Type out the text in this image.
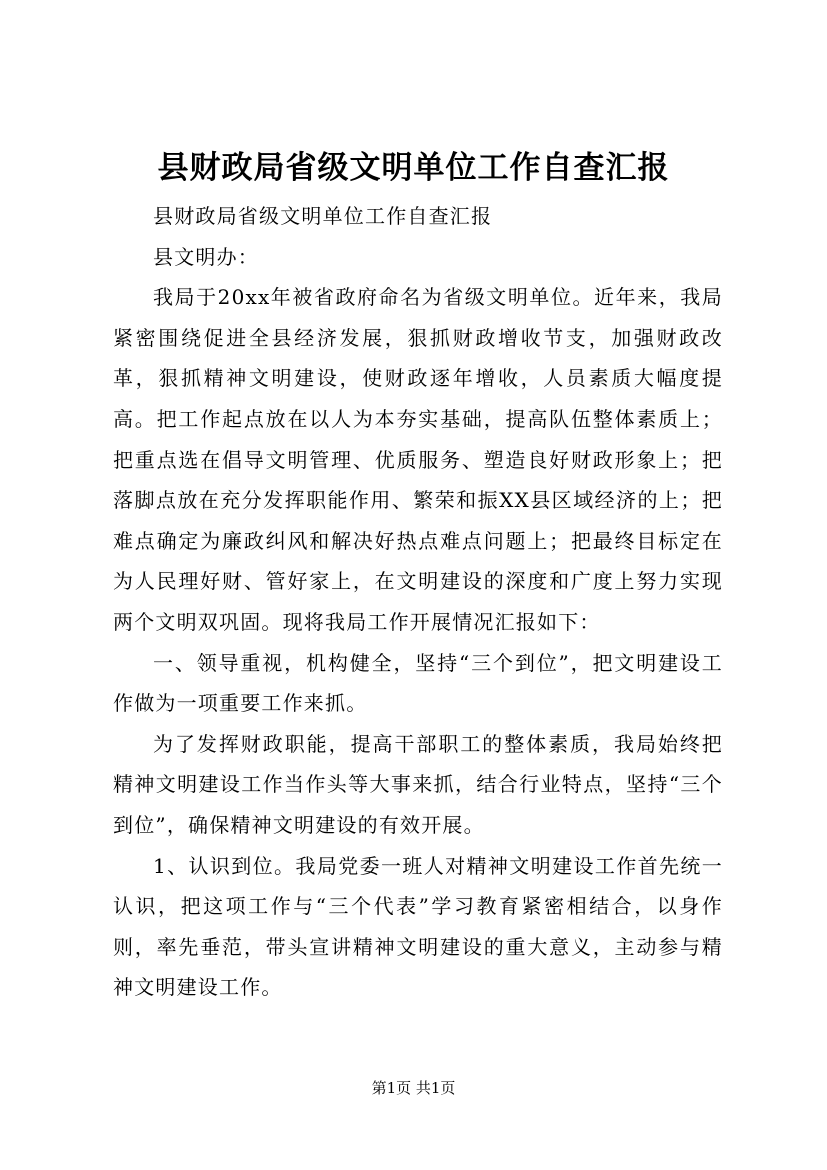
县财政局省级文明单位工作自查汇报

县财政局省级文明单位工作自查汇报

县文明办：

我局于20xx年被省政府命名为省级文明单位。近年来，我局紧密围绕促进全县经济发展，狠抓财政增收节支，加强财政改革，狠抓精神文明建设，使财政逐年增收，人员素质大幅度提高。把工作起点放在以人为本夯实基础，提高队伍整体素质上；把重点选在倡导文明管理、优质服务、塑造良好财政形象上；把落脚点放在充分发挥职能作用、繁荣和振XX县区域经济的上；把难点确定为廉政纠风和解决好热点难点问题上；把最终目标定在为人民理好财、管好家上，在文明建设的深度和广度上努力实现两个文明双巩固。现将我局工作开展情况汇报如下：

一、领导重视，机构健全，坚持“三个到位”，把文明建设工作做为一项重要工作来抓。

为了发挥财政职能，提高干部职工的整体素质，我局始终把精神文明建设工作当作头等大事来抓，结合行业特点，坚持“三个到位”，确保精神文明建设的有效开展。

1、认识到位。我局党委一班人对精神文明建设工作首先统一认识，把这项工作与“三个代表”学习教育紧密相结合，以身作则，率先垂范，带头宣讲精神文明建设的重大意义，主动参与精神文明建设工作。

第1页 共1页
